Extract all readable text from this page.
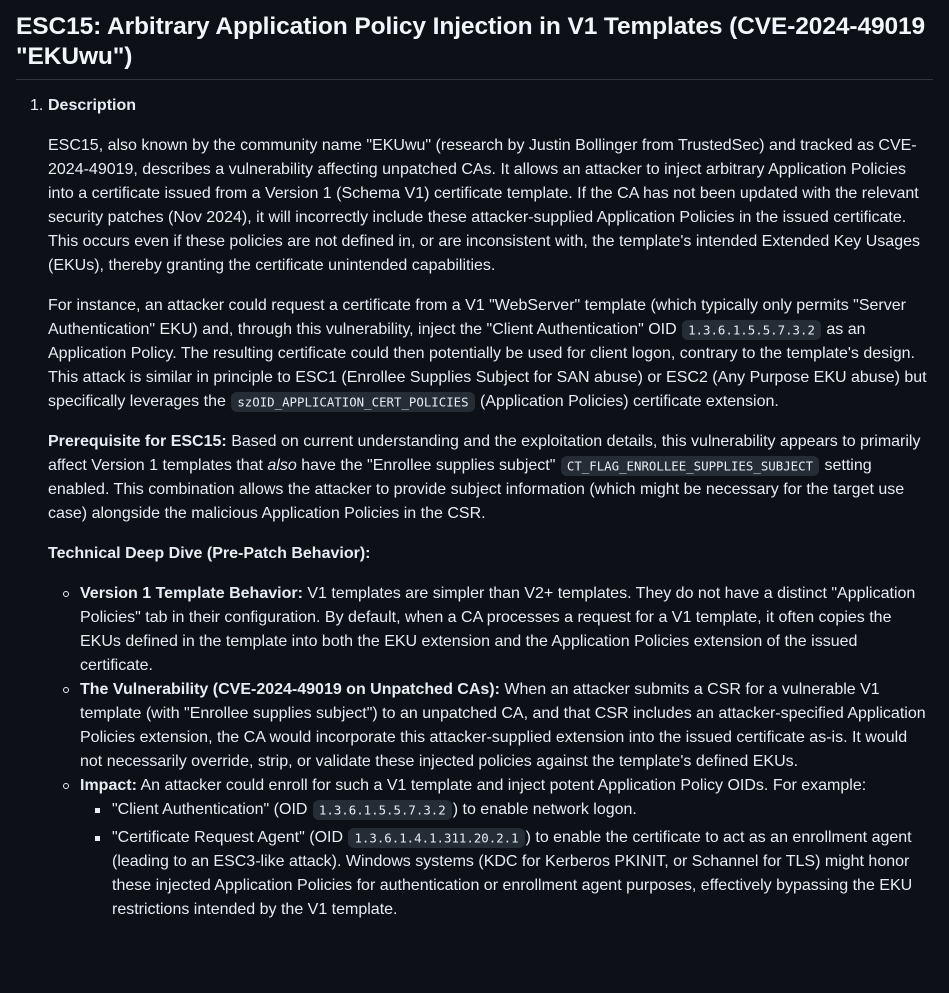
ESC15: Arbitrary Application Policy Injection in V1 Templates (CVE-2024-49019 "EKUwu")
1. Description

ESC15, also known by the community name "EKUwu" (research by Justin Bollinger from TrustedSec) and tracked as CVE-2024-49019, describes a vulnerability affecting unpatched CAs. It allows an attacker to inject arbitrary Application Policies into a certificate issued from a Version 1 (Schema V1) certificate template. If the CA has not been updated with the relevant security patches (Nov 2024), it will incorrectly include these attacker-supplied Application Policies in the issued certificate. This occurs even if these policies are not defined in, or are inconsistent with, the template's intended Extended Key Usages (EKUs), thereby granting the certificate unintended capabilities.

For instance, an attacker could request a certificate from a V1 "WebServer" template (which typically only permits "Server Authentication" EKU) and, through this vulnerability, inject the "Client Authentication" OID 1.3.6.1.5.5.7.3.2 as an Application Policy. The resulting certificate could then potentially be used for client logon, contrary to the template's design. This attack is similar in principle to ESC1 (Enrollee Supplies Subject for SAN abuse) or ESC2 (Any Purpose EKU abuse) but specifically leverages the szOID_APPLICATION_CERT_POLICIES (Application Policies) certificate extension.

Prerequisite for ESC15: Based on current understanding and the exploitation details, this vulnerability appears to primarily affect Version 1 templates that also have the "Enrollee supplies subject" CT_FLAG_ENROLLEE_SUPPLIES_SUBJECT setting enabled. This combination allows the attacker to provide subject information (which might be necessary for the target use case) alongside the malicious Application Policies in the CSR.

Technical Deep Dive (Pre-Patch Behavior):

Version 1 Template Behavior: V1 templates are simpler than V2+ templates. They do not have a distinct "Application Policies" tab in their configuration. By default, when a CA processes a request for a V1 template, it often copies the EKUs defined in the template into both the EKU extension and the Application Policies extension of the issued certificate.
The Vulnerability (CVE-2024-49019 on Unpatched CAs): When an attacker submits a CSR for a vulnerable V1 template (with "Enrollee supplies subject") to an unpatched CA, and that CSR includes an attacker-specified Application Policies extension, the CA would incorporate this attacker-supplied extension into the issued certificate as-is. It would not necessarily override, strip, or validate these injected policies against the template's defined EKUs.
Impact: An attacker could enroll for such a V1 template and inject potent Application Policy OIDs. For example:
"Client Authentication" (OID 1.3.6.1.5.5.7.3.2 ) to enable network logon.
"Certificate Request Agent" (OID 1.3.6.1.4.1.311.20.2.1 ) to enable the certificate to act as an enrollment agent (leading to an ESC3-like attack). Windows systems (KDC for Kerberos PKINIT, or Schannel for TLS) might honor these injected Application Policies for authentication or enrollment agent purposes, effectively bypassing the EKU restrictions intended by the V1 template.
